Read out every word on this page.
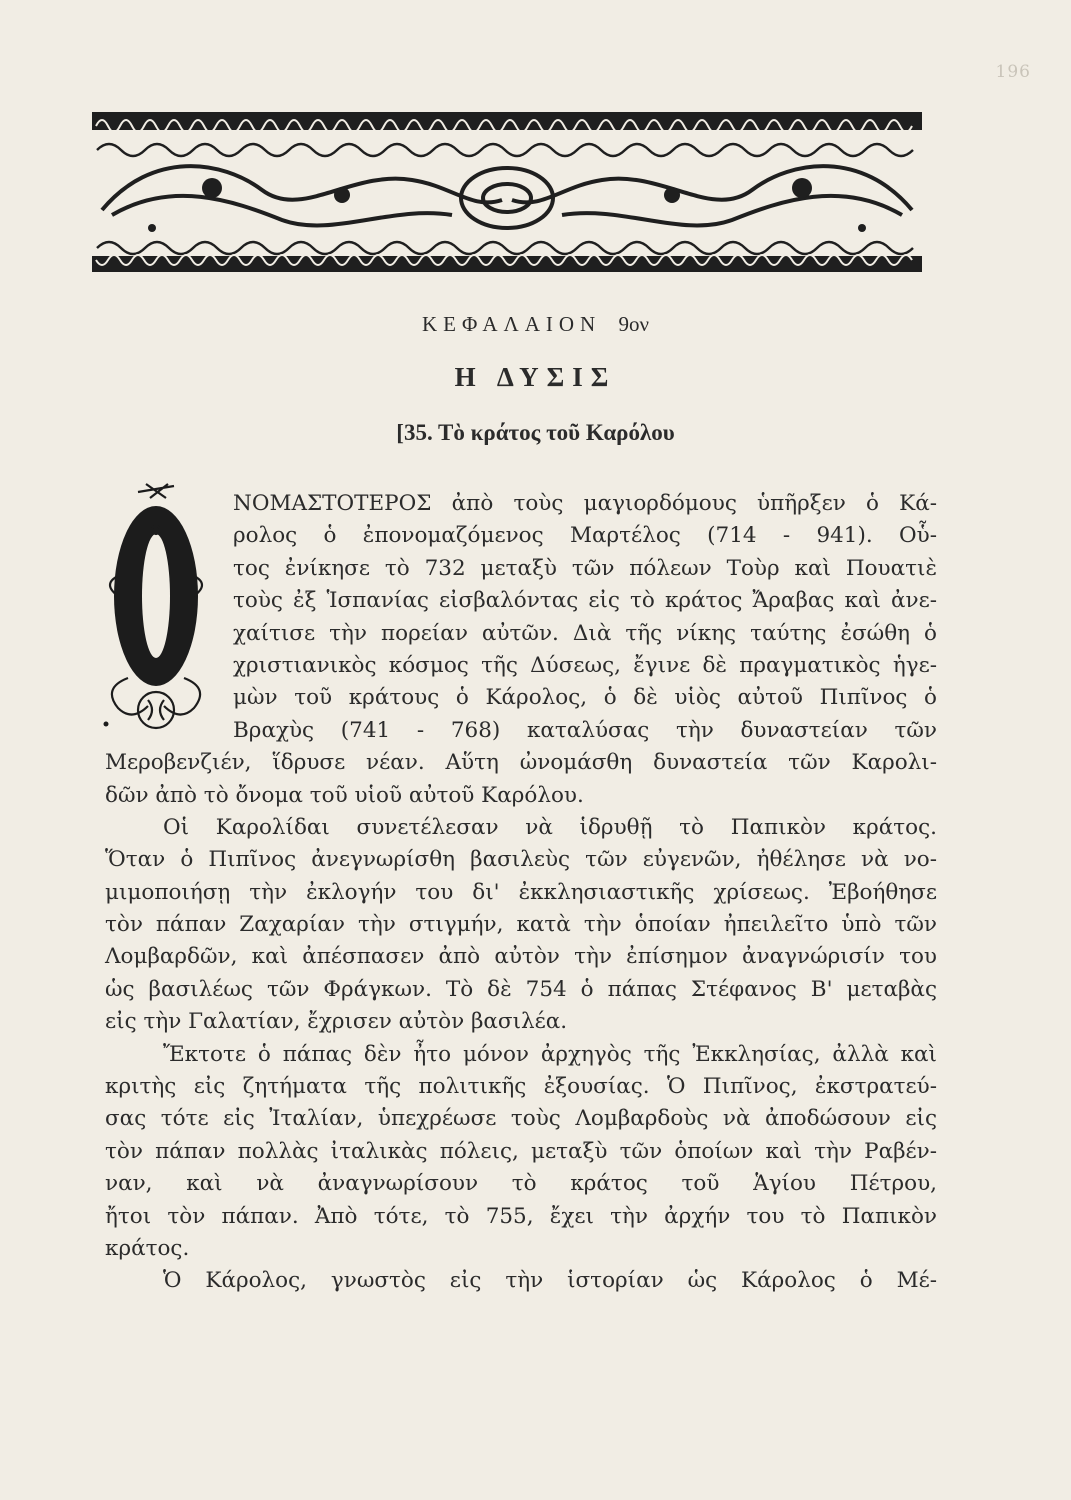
196
ΚΕΦΑΛΑΙΟΝ 9ον
Η ΔΥΣΙΣ
[35. Τὸ κράτος τοῦ Καρόλου
ΝΟΜΑΣΤΟΤΕΡΟΣ ἀπὸ τοὺς μαγιορδόμους ὑπῆρξεν ὁ Κά-
ρολος ὁ ἐπονομαζόμενος Μαρτέλος (714 - 941). Οὗ-
τος ἐνίκησε τὸ 732 μεταξὺ τῶν πόλεων Τοὺρ καὶ Πουατιὲ
τοὺς ἐξ Ἱσπανίας εἰσβαλόντας εἰς τὸ κράτος Ἄραβας καὶ ἀνε-
χαίτισε τὴν πορείαν αὐτῶν. Διὰ τῆς νίκης ταύτης ἐσώθη ὁ
χριστιανικὸς κόσμος τῆς Δύσεως, ἔγινε δὲ πραγματικὸς ἡγε-
μὼν τοῦ κράτους ὁ Κάρολος, ὁ δὲ υἱὸς αὐτοῦ Πιπῖνος ὁ
Βραχὺς (741 - 768) καταλύσας τὴν δυναστείαν τῶν
Μεροβενζιέν, ἵδρυσε νέαν. Αὕτη ὠνομάσθη δυναστεία τῶν Καρολι-
δῶν ἀπὸ τὸ ὄνομα τοῦ υἱοῦ αὐτοῦ Καρόλου.
Οἱ Καρολίδαι συνετέλεσαν νὰ ἱδρυθῇ τὸ Παπικὸν κράτος.
Ὅταν ὁ Πιπῖνος ἀνεγνωρίσθη βασιλεὺς τῶν εὐγενῶν, ἠθέλησε νὰ νο-
μιμοποιήσῃ τὴν ἐκλογήν του δι' ἐκκλησιαστικῆς χρίσεως. Ἐβοήθησε
τὸν πάπαν Ζαχαρίαν τὴν στιγμήν, κατὰ τὴν ὁποίαν ἠπειλεῖτο ὑπὸ τῶν
Λομβαρδῶν, καὶ ἀπέσπασεν ἀπὸ αὐτὸν τὴν ἐπίσημον ἀναγνώρισίν του
ὡς βασιλέως τῶν Φράγκων. Τὸ δὲ 754 ὁ πάπας Στέφανος Β' μεταβὰς
εἰς τὴν Γαλατίαν, ἔχρισεν αὐτὸν βασιλέα.
Ἔκτοτε ὁ πάπας δὲν ἦτο μόνον ἀρχηγὸς τῆς Ἐκκλησίας, ἀλλὰ καὶ
κριτὴς εἰς ζητήματα τῆς πολιτικῆς ἐξουσίας. Ὁ Πιπῖνος, ἐκστρατεύ-
σας τότε εἰς Ἰταλίαν, ὑπεχρέωσε τοὺς Λομβαρδοὺς νὰ ἀποδώσουν εἰς
τὸν πάπαν πολλὰς ἰταλικὰς πόλεις, μεταξὺ τῶν ὁποίων καὶ τὴν Ραβέν-
ναν, καὶ νὰ ἀναγνωρίσουν τὸ κράτος τοῦ Ἁγίου Πέτρου,
ἤτοι τὸν πάπαν. Ἀπὸ τότε, τὸ 755, ἔχει τὴν ἀρχήν του τὸ Παπικὸν
κράτος.
Ὁ Κάρολος, γνωστὸς εἰς τὴν ἱστορίαν ὡς Κάρολος ὁ Μέ-
